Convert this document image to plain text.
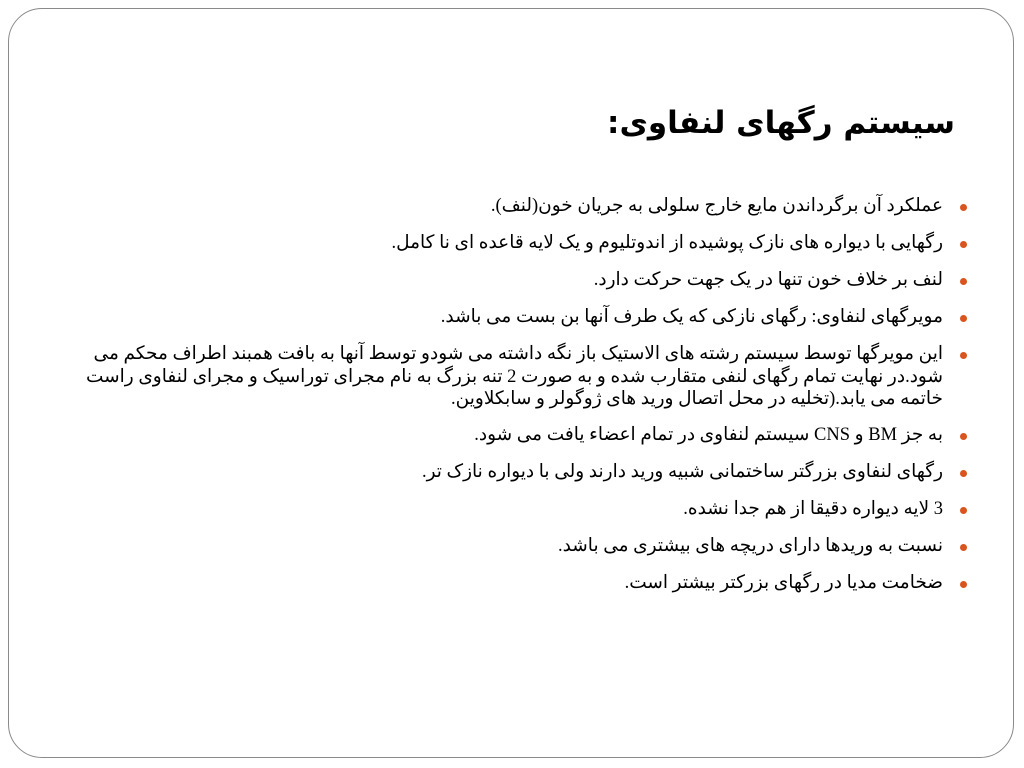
سیستم رگهای لنفاوی:
عملکرد آن برگرداندن مایع خارج سلولی به جریان خون(لنف).
رگهایی با دیواره های نازک پوشیده از اندوتلیوم و یک لایه قاعده ای نا کامل.
لنف بر خلاف خون تنها در یک جهت حرکت دارد.
مویرگهای لنفاوی: رگهای نازکی که یک طرف آنها بن بست می باشد.
این مویرگها توسط سیستم رشته های الاستیک باز نگه داشته می شودو توسط آنها به بافت همبند اطراف محکم می شود.در نهایت تمام رگهای لنفی متقارب شده و به صورت 2 تنه بزرگ به نام مجرای توراسیک و مجرای لنفاوی راست خاتمه می یابد.(تخلیه در محل اتصال ورید های ژوگولر و سابکلاوین.
به جز BM و CNS سیستم لنفاوی در تمام اعضاء یافت می شود.
رگهای لنفاوی بزرگتر ساختمانی شبیه ورید دارند ولی با دیواره نازک تر.
3 لایه دیواره دقیقا از هم جدا نشده.
نسبت به وریدها دارای دریچه های بیشتری می باشد.
ضخامت مدیا در رگهای بزرکتر بیشتر است.
